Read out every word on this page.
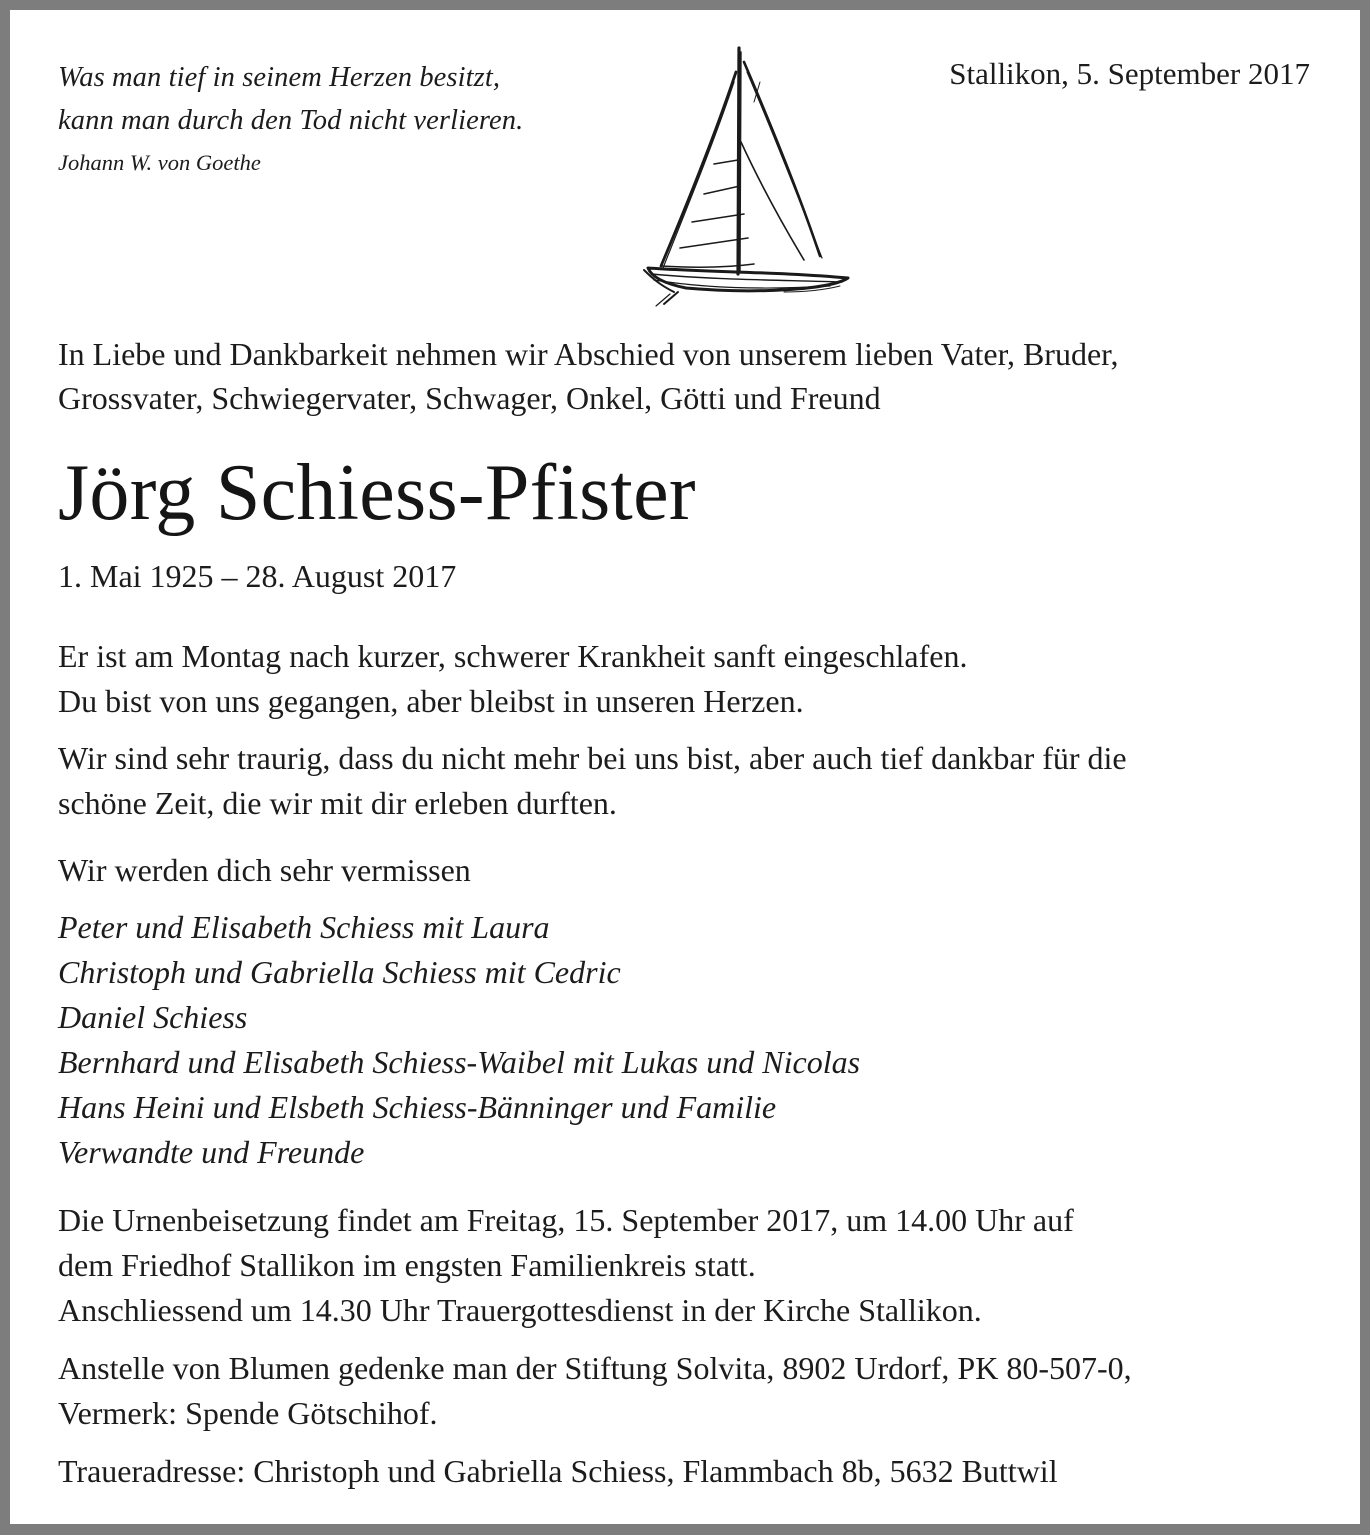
Was man tief in seinem Herzen besitzt,
kann man durch den Tod nicht verlieren.
Johann W. von Goethe
Stallikon, 5. September 2017
In Liebe und Dankbarkeit nehmen wir Abschied von unserem lieben Vater, Bruder,
Grossvater, Schwiegervater, Schwager, Onkel, Götti und Freund
Jörg Schiess-Pfister
1. Mai 1925 – 28. August 2017
Er ist am Montag nach kurzer, schwerer Krankheit sanft eingeschlafen.
Du bist von uns gegangen, aber bleibst in unseren Herzen.
Wir sind sehr traurig, dass du nicht mehr bei uns bist, aber auch tief dankbar für die
schöne Zeit, die wir mit dir erleben durften.
Wir werden dich sehr vermissen
Peter und Elisabeth Schiess mit Laura
Christoph und Gabriella Schiess mit Cedric
Daniel Schiess
Bernhard und Elisabeth Schiess-Waibel mit Lukas und Nicolas
Hans Heini und Elsbeth Schiess-Bänninger und Familie
Verwandte und Freunde
Die Urnenbeisetzung findet am Freitag, 15. September 2017, um 14.00 Uhr auf
dem Friedhof Stallikon im engsten Familienkreis statt.
Anschliessend um 14.30 Uhr Trauergottesdienst in der Kirche Stallikon.
Anstelle von Blumen gedenke man der Stiftung Solvita, 8902 Urdorf, PK 80-507-0,
Vermerk: Spende Götschihof.
Traueradresse: Christoph und Gabriella Schiess, Flammbach 8b, 5632 Buttwil
